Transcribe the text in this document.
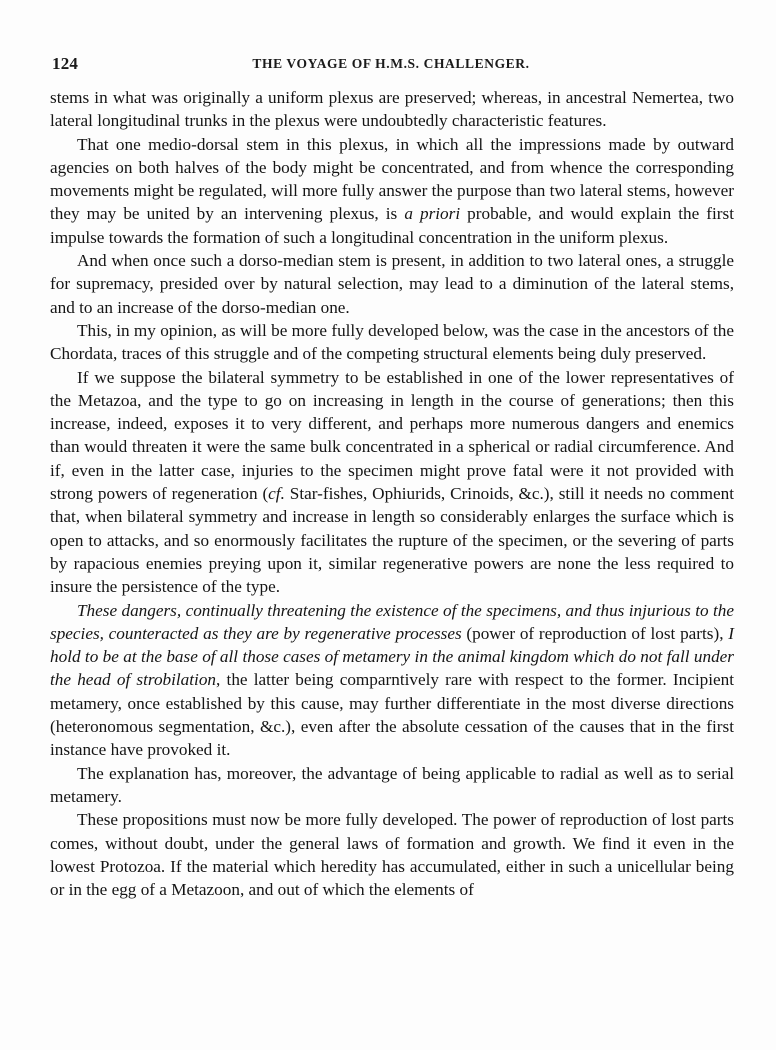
124	THE VOYAGE OF H.M.S. CHALLENGER.

stems in what was originally a uniform plexus are preserved; whereas, in ancestral Nemertea, two lateral longitudinal trunks in the plexus were undoubtedly characteristic features.

That one medio-dorsal stem in this plexus, in which all the impressions made by outward agencies on both halves of the body might be concentrated, and from whence the corresponding movements might be regulated, will more fully answer the purpose than two lateral stems, however they may be united by an intervening plexus, is a priori probable, and would explain the first impulse towards the formation of such a longitudinal concentration in the uniform plexus.

And when once such a dorso-median stem is present, in addition to two lateral ones, a struggle for supremacy, presided over by natural selection, may lead to a diminution of the lateral stems, and to an increase of the dorso-median one.

This, in my opinion, as will be more fully developed below, was the case in the ancestors of the Chordata, traces of this struggle and of the competing structural elements being duly preserved.

If we suppose the bilateral symmetry to be established in one of the lower representatives of the Metazoa, and the type to go on increasing in length in the course of generations; then this increase, indeed, exposes it to very different, and perhaps more numerous dangers and enemics than would threaten it were the same bulk concentrated in a spherical or radial circumference. And if, even in the latter case, injuries to the specimen might prove fatal were it not provided with strong powers of regeneration (cf. Star-fishes, Ophiurids, Crinoids, &c.), still it needs no comment that, when bilateral symmetry and increase in length so considerably enlarges the surface which is open to attacks, and so enormously facilitates the rupture of the specimen, or the severing of parts by rapacious enemies preying upon it, similar regenerative powers are none the less required to insure the persistence of the type.

These dangers, continually threatening the existence of the specimens, and thus injurious to the species, counteracted as they are by regenerative processes (power of reproduction of lost parts), I hold to be at the base of all those cases of metamery in the animal kingdom which do not fall under the head of strobilation, the latter being comparntively rare with respect to the former. Incipient metamery, once established by this cause, may further differentiate in the most diverse directions (heteronomous segmentation, &c.), even after the absolute cessation of the causes that in the first instance have provoked it.

The explanation has, moreover, the advantage of being applicable to radial as well as to serial metamery.

These propositions must now be more fully developed. The power of reproduction of lost parts comes, without doubt, under the general laws of formation and growth. We find it even in the lowest Protozoa. If the material which heredity has accumulated, either in such a unicellular being or in the egg of a Metazoon, and out of which the elements of
